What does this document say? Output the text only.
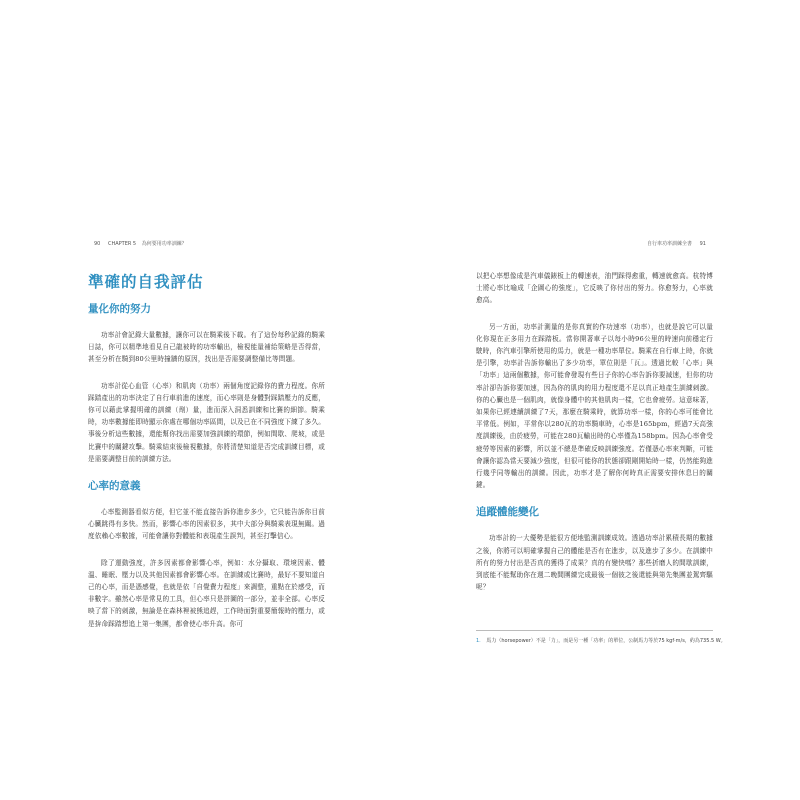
90 CHAPTER 5 為何要用功率訓練？
準確的自我評估
量化你的努力

功率計會記錄大量數據，讓你可以在騎乘後下載。有了這份每秒記錄的騎乘日誌，你可以精準地看見自己龍被時的功率輸出，檢視能量補給策略是否得當，甚至分析在騎到80公里時撞牆的原因，找出是否需要調整備比等問題。

功率計從心血管（心率）和肌肉（功率）兩個角度記錄你的費力程度。你所踩踏產出的功率決定了自行車前進的速度，而心率則是身體對踩踏壓力的反應，你可以藉此掌握明確的訓練（劑）量，進而深入洞悉訓練和比賽的細節。騎乘時，功率數據能即時顯示你處在哪個功率區間，以及已在不同強度下練了多久。事後分析這些數據，還能幫你找出需要加強訓練的環節，例如間歇、爬坡，或是比賽中的關鍵攻擊。騎乘結束後檢視數據，你將清楚知道是否完成訓練目標，或是需要調整目前的訓練方法。

心率的意義

心率監測器看似方便，但它並不能直接告訴你進步多少，它只能告訴你目前心臟跳得有多快。然而，影響心率的因素很多，其中大部分與騎乘表現無關。過度依賴心率數據，可能會讓你對體能和表現產生誤判，甚至打擊信心。

除了運動強度，許多因素都會影響心率，例如：水分攝取、環境因素、體溫、睡眠、壓力以及其他因素都會影響心率。在訓練或比賽時，最好不要知道自己的心率，而是憑感覺，也就是依「自覺費力程度」來調整，重點在於感受，而非數字。雖然心率是常見的工具，但心率只是拼圖的一部分，並非全部。心率反映了當下的刺激，無論是在森林裡被熊追趕，工作時面對重要簡報時的壓力，或是拚命踩踏想追上第一集團，都會使心率升高。你可

自行車功率訓練全書 91

以把心率想像成是汽車儀錶板上的轉速表，油門踩得愈重，轉速就愈高。杭特博士將心率比喻成「企圖心的強度」，它反映了你付出的努力。你愈努力，心率就愈高。

另一方面，功率計測量的是你真實的作功速率（功率），也就是說它可以量化你現在正多用力在踩踏板。當你開著車子以每小時96公里的時速向前穩定行駛時，你汽車引擎所使用的馬力，就是一種功率單位。騎乘在自行車上時，你就是引擎，功率計告訴你輸出了多少功率，單位則是「瓦」。透過比較「心率」與「功率」這兩個數據，你可能會發現有些日子你的心率告訴你要減速，但你的功率計卻告訴你要加速，因為你的肌肉的用力程度還不足以真正地產生訓練刺激。你的心臟也是一個肌肉，就像身體中的其他肌肉一樣，它也會疲勞。這意味著，如果你已經連續訓練了7天，那麼在騎乘時，就算功率一樣，你的心率可能會比平常低。例如，平常你以280瓦的功率騎車時，心率是165bpm，經過7天高強度訓練後，由於疲勞，可能在280瓦輸出時的心率僅為158bpm。因為心率會受疲勞等因素的影響，所以並不總是準確反映訓練強度。若僅憑心率來判斷，可能會讓你認為當天要減少強度，但很可能你的狀態卻跟剛開始時一樣，仍然能夠進行幾乎同等輸出的訓練。因此，功率才是了解你何時真正需要安排休息日的關鍵。

追蹤體能變化

功率計的一大優勢是能很方便地監測訓練成效。透過功率計累積長期的數據之後，你將可以明確掌握自己的體能是否有在進步，以及進步了多少。在訓練中所有的努力付出是否真的獲得了成果？真的有變快嗎？那些折磨人的間歇訓練，到底能不能幫助你在週二晚間團練完成最後一個彼之後還能與第先集團並駕齊驅呢？

1. 馬力（horsepower）不是「力」，而是另一種「功率」的單位，公制馬力等於75 kgf·m/s，約為735.5 W。
